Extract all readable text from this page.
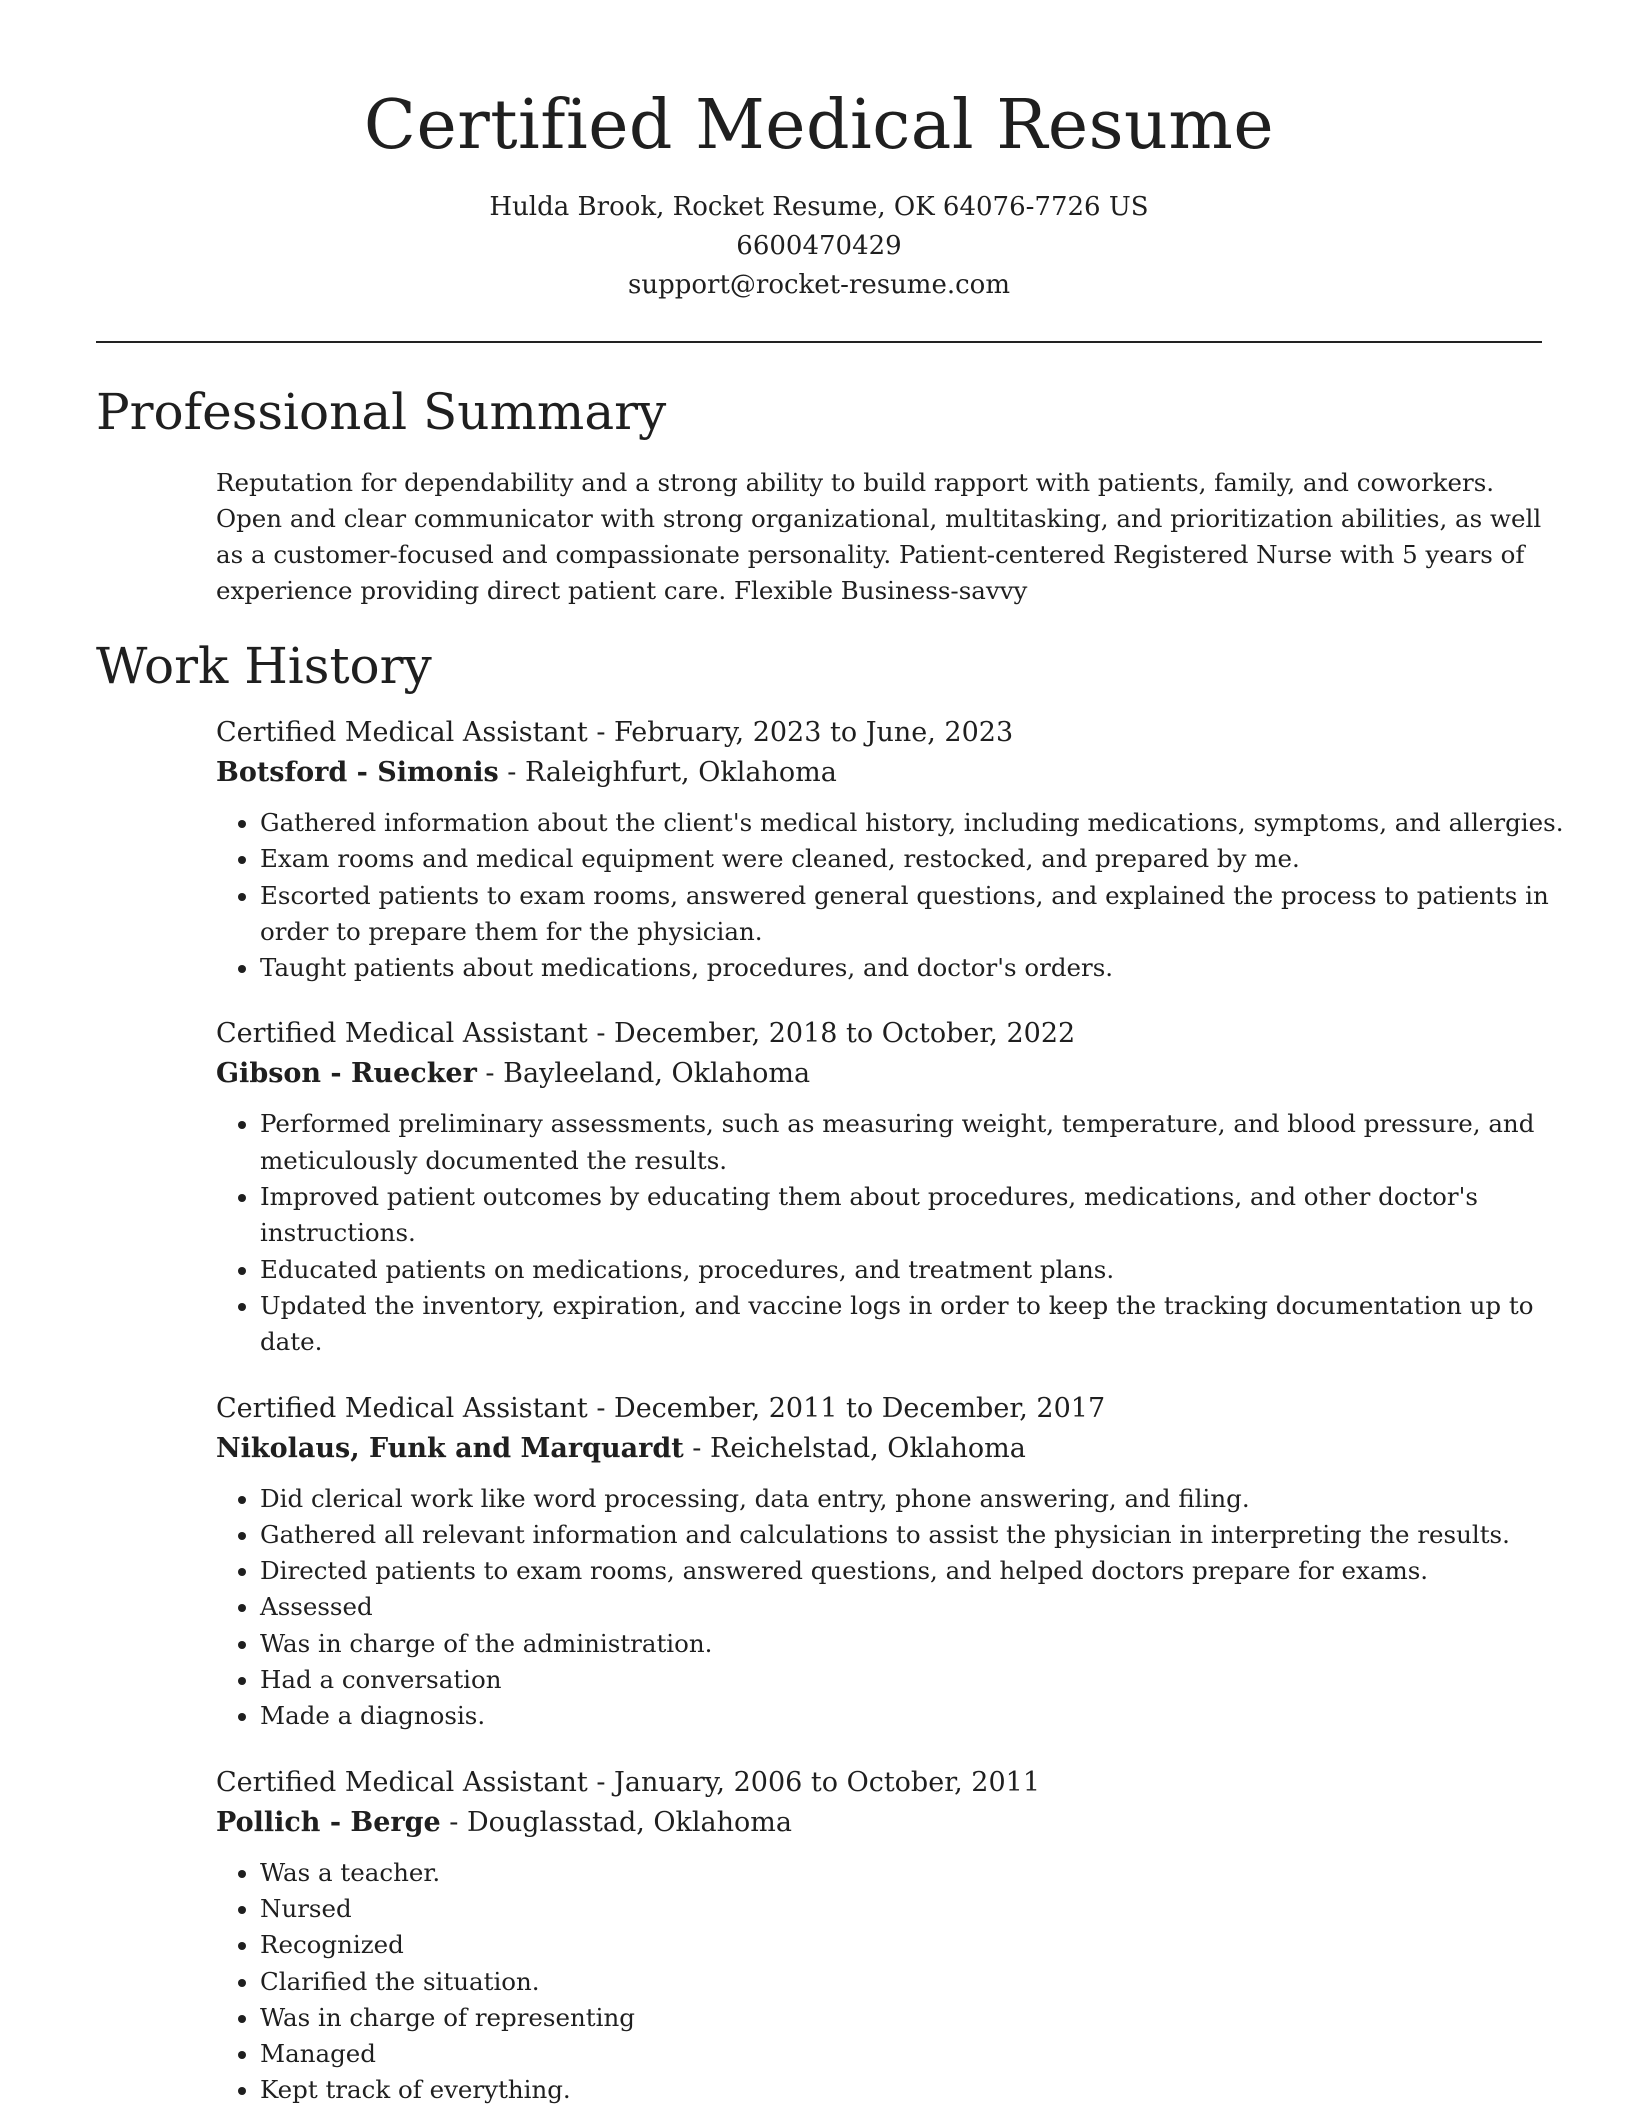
Certified Medical Resume
Hulda Brook, Rocket Resume, OK 64076-7726 US
6600470429
support@rocket-resume.com
Professional Summary
Reputation for dependability and a strong ability to build rapport with patients, family, and coworkers. Open and clear communicator with strong organizational, multitasking, and prioritization abilities, as well as a customer-focused and compassionate personality. Patient-centered Registered Nurse with 5 years of experience providing direct patient care. Flexible Business-savvy
Work History
Certified Medical Assistant - February, 2023 to June, 2023
Botsford - Simonis - Raleighfurt, Oklahoma
• Gathered information about the client's medical history, including medications, symptoms, and allergies.
• Exam rooms and medical equipment were cleaned, restocked, and prepared by me.
• Escorted patients to exam rooms, answered general questions, and explained the process to patients in order to prepare them for the physician.
• Taught patients about medications, procedures, and doctor's orders.
Certified Medical Assistant - December, 2018 to October, 2022
Gibson - Ruecker - Bayleeland, Oklahoma
• Performed preliminary assessments, such as measuring weight, temperature, and blood pressure, and meticulously documented the results.
• Improved patient outcomes by educating them about procedures, medications, and other doctor's instructions.
• Educated patients on medications, procedures, and treatment plans.
• Updated the inventory, expiration, and vaccine logs in order to keep the tracking documentation up to date.
Certified Medical Assistant - December, 2011 to December, 2017
Nikolaus, Funk and Marquardt - Reichelstad, Oklahoma
• Did clerical work like word processing, data entry, phone answering, and filing.
• Gathered all relevant information and calculations to assist the physician in interpreting the results.
• Directed patients to exam rooms, answered questions, and helped doctors prepare for exams.
• Assessed
• Was in charge of the administration.
• Had a conversation
• Made a diagnosis.
Certified Medical Assistant - January, 2006 to October, 2011
Pollich - Berge - Douglasstad, Oklahoma
• Was a teacher.
• Nursed
• Recognized
• Clarified the situation.
• Was in charge of representing
• Managed
• Kept track of everything.
